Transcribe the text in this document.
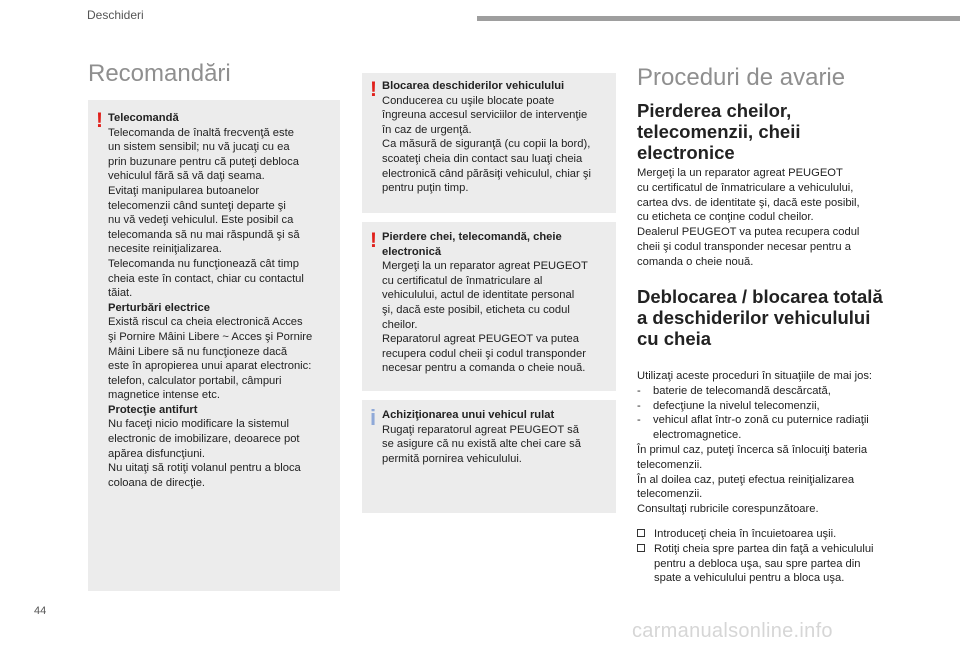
Deschideri
Recomandări
! Telecomandă
Telecomanda de înaltă frecvenţă este
un sistem sensibil; nu vă jucaţi cu ea
prin buzunare pentru că puteţi debloca
vehiculul fără să vă daţi seama.
Evitaţi manipularea butoanelor
telecomenzii când sunteţi departe şi
nu vă vedeţi vehiculul. Este posibil ca
telecomanda să nu mai răspundă şi să
necesite reiniţializarea.
Telecomanda nu funcţionează cât timp
cheia este în contact, chiar cu contactul
tăiat.
Perturbări electrice
Există riscul ca cheia electronică Acces
şi Pornire Mâini Libere ~ Acces şi Pornire
Mâini Libere să nu funcţioneze dacă
este în apropierea unui aparat electronic:
telefon, calculator portabil, câmpuri
magnetice intense etc.
Protecţie antifurt
Nu faceţi nicio modificare la sistemul
electronic de imobilizare, deoarece pot
apărea disfuncţiuni.
Nu uitaţi să rotiţi volanul pentru a bloca
coloana de direcţie.
! Blocarea deschiderilor vehiculului
Conducerea cu uşile blocate poate
îngreuna accesul serviciilor de intervenţie
în caz de urgenţă.
Ca măsură de siguranţă (cu copii la bord),
scoateţi cheia din contact sau luaţi cheia
electronică când părăsiţi vehiculul, chiar şi
pentru puţin timp.
! Pierdere chei, telecomandă, cheie
electronică
Mergeţi la un reparator agreat PEUGEOT
cu certificatul de înmatriculare al
vehiculului, actul de identitate personal
şi, dacă este posibil, eticheta cu codul
cheilor.
Reparatorul agreat PEUGEOT va putea
recupera codul cheii şi codul transponder
necesar pentru a comanda o cheie nouă.
i Achiziţionarea unui vehicul rulat
Rugaţi reparatorul agreat PEUGEOT să
se asigure că nu există alte chei care să
permită pornirea vehiculului.
Proceduri de avarie
Pierderea cheilor,
telecomenzii, cheii
electronice
Mergeţi la un reparator agreat PEUGEOT
cu certificatul de înmatriculare a vehiculului,
cartea dvs. de identitate şi, dacă este posibil,
cu eticheta ce conţine codul cheilor.
Dealerul PEUGEOT va putea recupera codul
cheii şi codul transponder necesar pentru a
comanda o cheie nouă.
Deblocarea / blocarea totală
a deschiderilor vehiculului
cu cheia
Utilizaţi aceste proceduri în situaţiile de mai jos:
-	baterie de telecomandă descărcată,
-	defecţiune la nivelul telecomenzii,
-	vehicul aflat într-o zonă cu puternice radiaţii
electromagnetice.
În primul caz, puteţi încerca să înlocuiţi bateria
telecomenzii.
În al doilea caz, puteţi efectua reiniţializarea
telecomenzii.
Consultaţi rubricile corespunzătoare.
Introduceţi cheia în încuietoarea uşii.
Rotiţi cheia spre partea din faţă a vehiculului
pentru a debloca uşa, sau spre partea din
spate a vehiculului pentru a bloca uşa.
44
carmanualsonline.info
